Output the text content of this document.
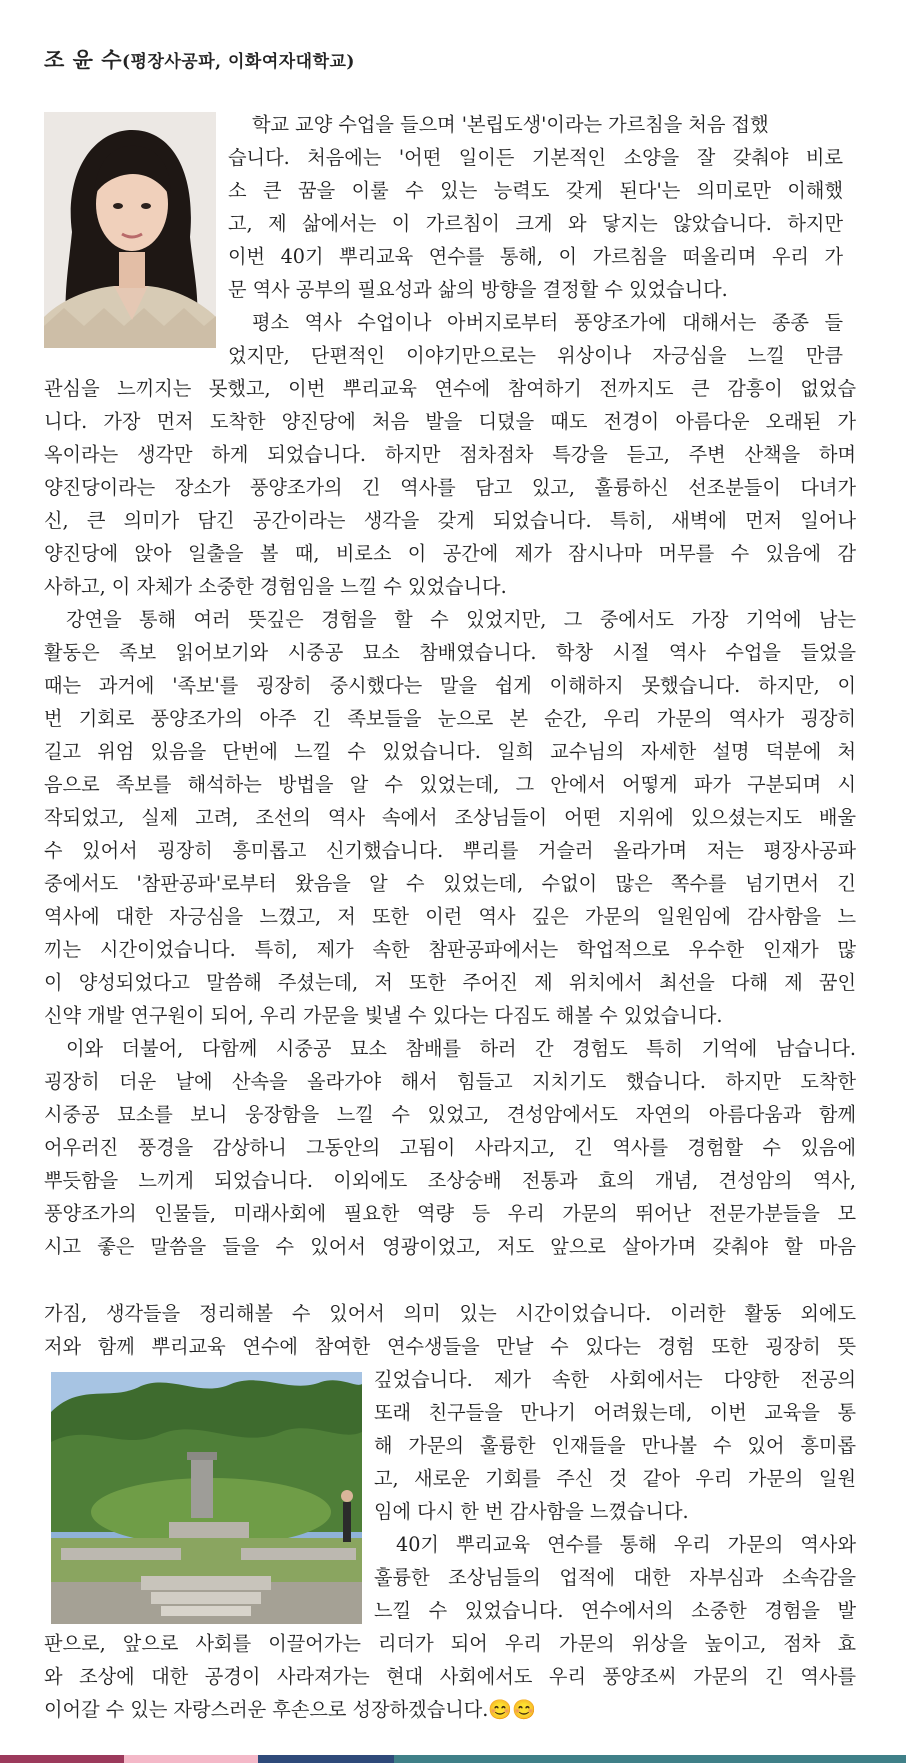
조 윤 수(평장사공파, 이화여자대학교)
학교 교양 수업을 들으며 '본립도생'이라는 가르침을 처음 접했
습니다. 처음에는 '어떤 일이든 기본적인 소양을 잘 갖춰야 비로
소 큰 꿈을 이룰 수 있는 능력도 갖게 된다'는 의미로만 이해했
고, 제 삶에서는 이 가르침이 크게 와 닿지는 않았습니다. 하지만
이번 40기 뿌리교육 연수를 통해, 이 가르침을 떠올리며 우리 가
문 역사 공부의 필요성과 삶의 방향을 결정할 수 있었습니다.
평소 역사 수업이나 아버지로부터 풍양조가에 대해서는 종종 들
었지만, 단편적인 이야기만으로는 위상이나 자긍심을 느낄 만큼
관심을 느끼지는 못했고, 이번 뿌리교육 연수에 참여하기 전까지도 큰 감흥이 없었습
니다. 가장 먼저 도착한 양진당에 처음 발을 디뎠을 때도 전경이 아름다운 오래된 가
옥이라는 생각만 하게 되었습니다. 하지만 점차점차 특강을 듣고, 주변 산책을 하며
양진당이라는 장소가 풍양조가의 긴 역사를 담고 있고, 훌륭하신 선조분들이 다녀가
신, 큰 의미가 담긴 공간이라는 생각을 갖게 되었습니다. 특히, 새벽에 먼저 일어나
양진당에 앉아 일출을 볼 때, 비로소 이 공간에 제가 잠시나마 머무를 수 있음에 감
사하고, 이 자체가 소중한 경험임을 느낄 수 있었습니다.
강연을 통해 여러 뜻깊은 경험을 할 수 있었지만, 그 중에서도 가장 기억에 남는
활동은 족보 읽어보기와 시중공 묘소 참배였습니다. 학창 시절 역사 수업을 들었을
때는 과거에 '족보'를 굉장히 중시했다는 말을 쉽게 이해하지 못했습니다. 하지만, 이
번 기회로 풍양조가의 아주 긴 족보들을 눈으로 본 순간, 우리 가문의 역사가 굉장히
길고 위엄 있음을 단번에 느낄 수 있었습니다. 일희 교수님의 자세한 설명 덕분에 처
음으로 족보를 해석하는 방법을 알 수 있었는데, 그 안에서 어떻게 파가 구분되며 시
작되었고, 실제 고려, 조선의 역사 속에서 조상님들이 어떤 지위에 있으셨는지도 배울
수 있어서 굉장히 흥미롭고 신기했습니다. 뿌리를 거슬러 올라가며 저는 평장사공파
중에서도 '참판공파'로부터 왔음을 알 수 있었는데, 수없이 많은 쪽수를 넘기면서 긴
역사에 대한 자긍심을 느꼈고, 저 또한 이런 역사 깊은 가문의 일원임에 감사함을 느
끼는 시간이었습니다. 특히, 제가 속한 참판공파에서는 학업적으로 우수한 인재가 많
이 양성되었다고 말씀해 주셨는데, 저 또한 주어진 제 위치에서 최선을 다해 제 꿈인
신약 개발 연구원이 되어, 우리 가문을 빛낼 수 있다는 다짐도 해볼 수 있었습니다.
이와 더불어, 다함께 시중공 묘소 참배를 하러 간 경험도 특히 기억에 남습니다.
굉장히 더운 날에 산속을 올라가야 해서 힘들고 지치기도 했습니다. 하지만 도착한
시중공 묘소를 보니 웅장함을 느낄 수 있었고, 견성암에서도 자연의 아름다움과 함께
어우러진 풍경을 감상하니 그동안의 고됨이 사라지고, 긴 역사를 경험할 수 있음에
뿌듯함을 느끼게 되었습니다. 이외에도 조상숭배 전통과 효의 개념, 견성암의 역사,
풍양조가의 인물들, 미래사회에 필요한 역량 등 우리 가문의 뛰어난 전문가분들을 모
시고 좋은 말씀을 들을 수 있어서 영광이었고, 저도 앞으로 살아가며 갖춰야 할 마음
가짐, 생각들을 정리해볼 수 있어서 의미 있는 시간이었습니다. 이러한 활동 외에도
저와 함께 뿌리교육 연수에 참여한 연수생들을 만날 수 있다는 경험 또한 굉장히 뜻
깊었습니다. 제가 속한 사회에서는 다양한 전공의
또래 친구들을 만나기 어려웠는데, 이번 교육을 통
해 가문의 훌륭한 인재들을 만나볼 수 있어 흥미롭
고, 새로운 기회를 주신 것 같아 우리 가문의 일원
임에 다시 한 번 감사함을 느꼈습니다.
40기 뿌리교육 연수를 통해 우리 가문의 역사와
훌륭한 조상님들의 업적에 대한 자부심과 소속감을
느낄 수 있었습니다. 연수에서의 소중한 경험을 발
판으로, 앞으로 사회를 이끌어가는 리더가 되어 우리 가문의 위상을 높이고, 점차 효
와 조상에 대한 공경이 사라져가는 현대 사회에서도 우리 풍양조씨 가문의 긴 역사를
이어갈 수 있는 자랑스러운 후손으로 성장하겠습니다.😊😊
